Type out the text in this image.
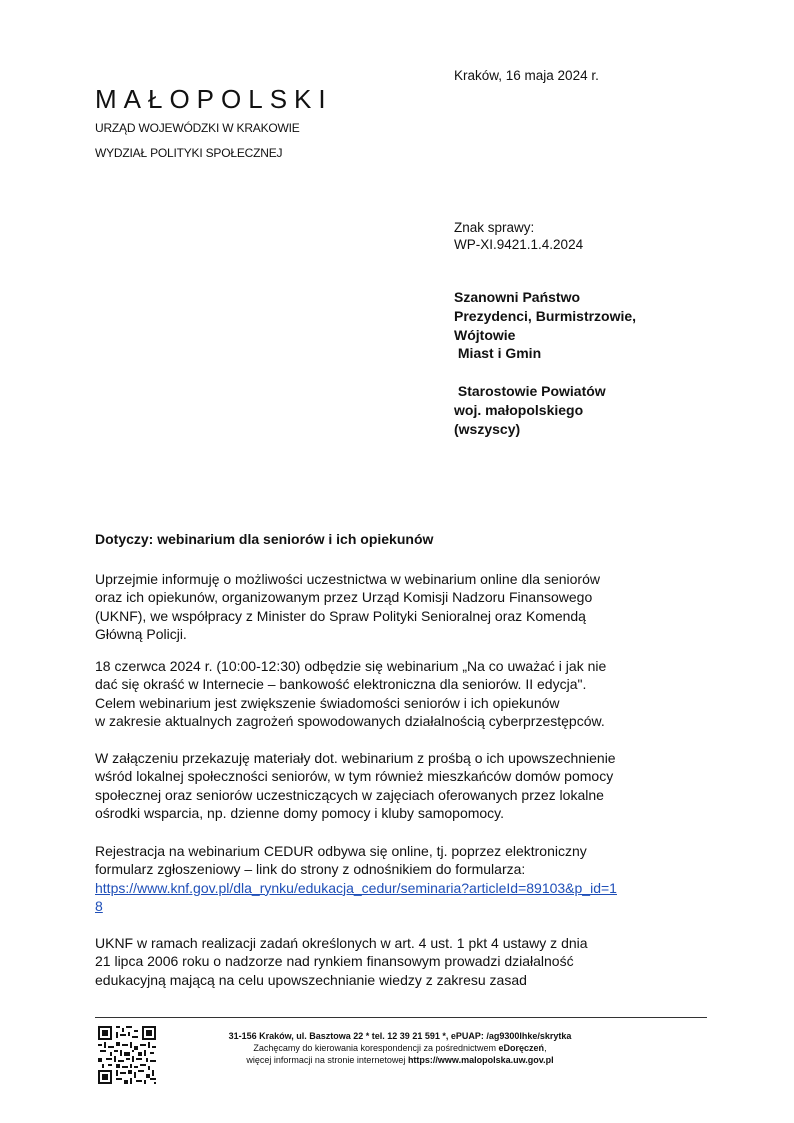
MAŁOPOLSKI
URZĄD WOJEWÓDZKI W KRAKOWIE
WYDZIAŁ POLITYKI SPOŁECZNEJ
Kraków, 16 maja 2024 r.
Znak sprawy:
WP-XI.9421.1.4.2024
Szanowni Państwo
Prezydenci, Burmistrzowie,
Wójtowie
Miast i Gmin
Starostowie Powiatów
woj. małopolskiego
(wszyscy)
Dotyczy: webinarium dla seniorów i ich opiekunów
Uprzejmie informuję o możliwości uczestnictwa w webinarium online dla seniorów
oraz ich opiekunów, organizowanym przez Urząd Komisji Nadzoru Finansowego
(UKNF), we współpracy z Minister do Spraw Polityki Senioralnej oraz Komendą
Główną Policji.
18 czerwca 2024 r. (10:00-12:30) odbędzie się webinarium „Na co uważać i jak nie
dać się okraść w Internecie – bankowość elektroniczna dla seniorów. II edycja".
Celem webinarium jest zwiększenie świadomości seniorów i ich opiekunów
w zakresie aktualnych zagrożeń spowodowanych działalnością cyberprzestępców.
W załączeniu przekazuję materiały dot. webinarium z prośbą o ich upowszechnienie
wśród lokalnej społeczności seniorów, w tym również mieszkańców domów pomocy
społecznej oraz seniorów uczestniczących w zajęciach oferowanych przez lokalne
ośrodki wsparcia, np. dzienne domy pomocy i kluby samopomocy.
Rejestracja na webinarium CEDUR odbywa się online, tj. poprzez elektroniczny
formularz zgłoszeniowy – link do strony z odnośnikiem do formularza:
https://www.knf.gov.pl/dla_rynku/edukacja_cedur/seminaria?articleId=89103&p_id=1
8
UKNF w ramach realizacji zadań określonych w art. 4 ust. 1 pkt 4 ustawy z dnia
21 lipca 2006 roku o nadzorze nad rynkiem finansowym prowadzi działalność
edukacyjną mającą na celu upowszechnianie wiedzy z zakresu zasad
31-156 Kraków, ul. Basztowa 22 * tel. 12 39 21 591 *, ePUAP: /ag9300lhke/skrytka
Zachęcamy do kierowania korespondencji za pośrednictwem eDoręczeń,
więcej informacji na stronie internetowej https://www.malopolska.uw.gov.pl
